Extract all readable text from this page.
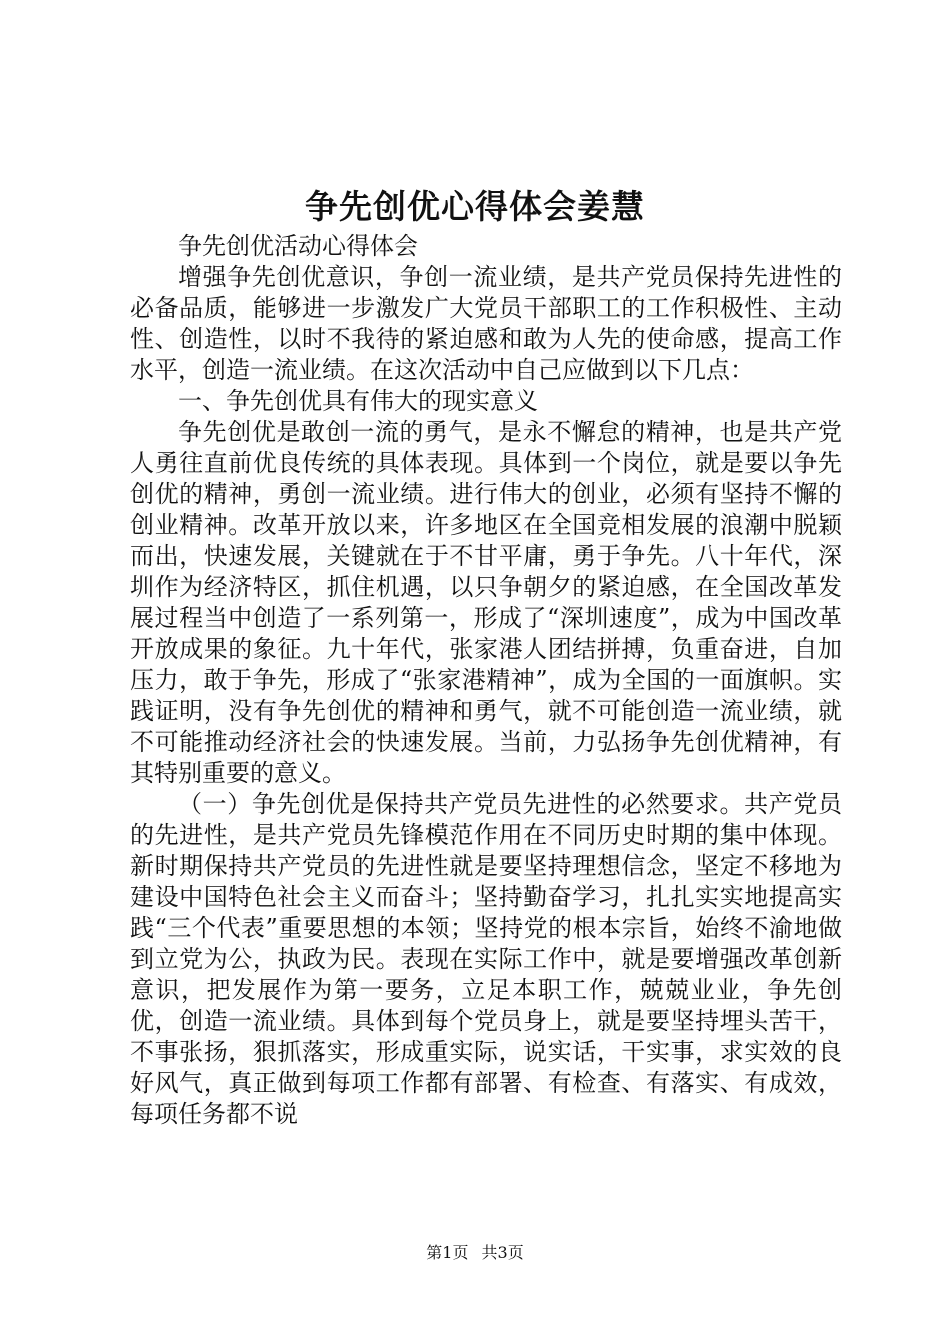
争先创优心得体会姜慧

争先创优活动心得体会

增强争先创优意识，争创一流业绩，是共产党员保持先进性的必备品质，能够进一步激发广大党员干部职工的工作积极性、主动性、创造性，以时不我待的紧迫感和敢为人先的使命感，提高工作水平，创造一流业绩。在这次活动中自己应做到以下几点：

一、争先创优具有伟大的现实意义

争先创优是敢创一流的勇气，是永不懈怠的精神，也是共产党人勇往直前优良传统的具体表现。具体到一个岗位，就是要以争先创优的精神，勇创一流业绩。进行伟大的创业，必须有坚持不懈的创业精神。改革开放以来，许多地区在全国竞相发展的浪潮中脱颖而出，快速发展，关键就在于不甘平庸，勇于争先。八十年代，深圳作为经济特区，抓住机遇，以只争朝夕的紧迫感，在全国改革发展过程当中创造了一系列第一，形成了“深圳速度”，成为中国改革开放成果的象征。九十年代，张家港人团结拼搏，负重奋进，自加压力，敢于争先，形成了“张家港精神”，成为全国的一面旗帜。实践证明，没有争先创优的精神和勇气，就不可能创造一流业绩，就不可能推动经济社会的快速发展。当前，力弘扬争先创优精神，有其特别重要的意义。

（一）争先创优是保持共产党员先进性的必然要求。共产党员的先进性，是共产党员先锋模范作用在不同历史时期的集中体现。新时期保持共产党员的先进性就是要坚持理想信念，坚定不移地为建设中国特色社会主义而奋斗；坚持勤奋学习，扎扎实实地提高实践“三个代表”重要思想的本领；坚持党的根本宗旨，始终不渝地做到立党为公，执政为民。表现在实际工作中，就是要增强改革创新意识，把发展作为第一要务，立足本职工作，兢兢业业，争先创优，创造一流业绩。具体到每个党员身上，就是要坚持埋头苦干，不事张扬，狠抓落实，形成重实际，说实话，干实事，求实效的良好风气，真正做到每项工作都有部署、有检查、有落实、有成效，每项任务都不说

第1页 共3页
